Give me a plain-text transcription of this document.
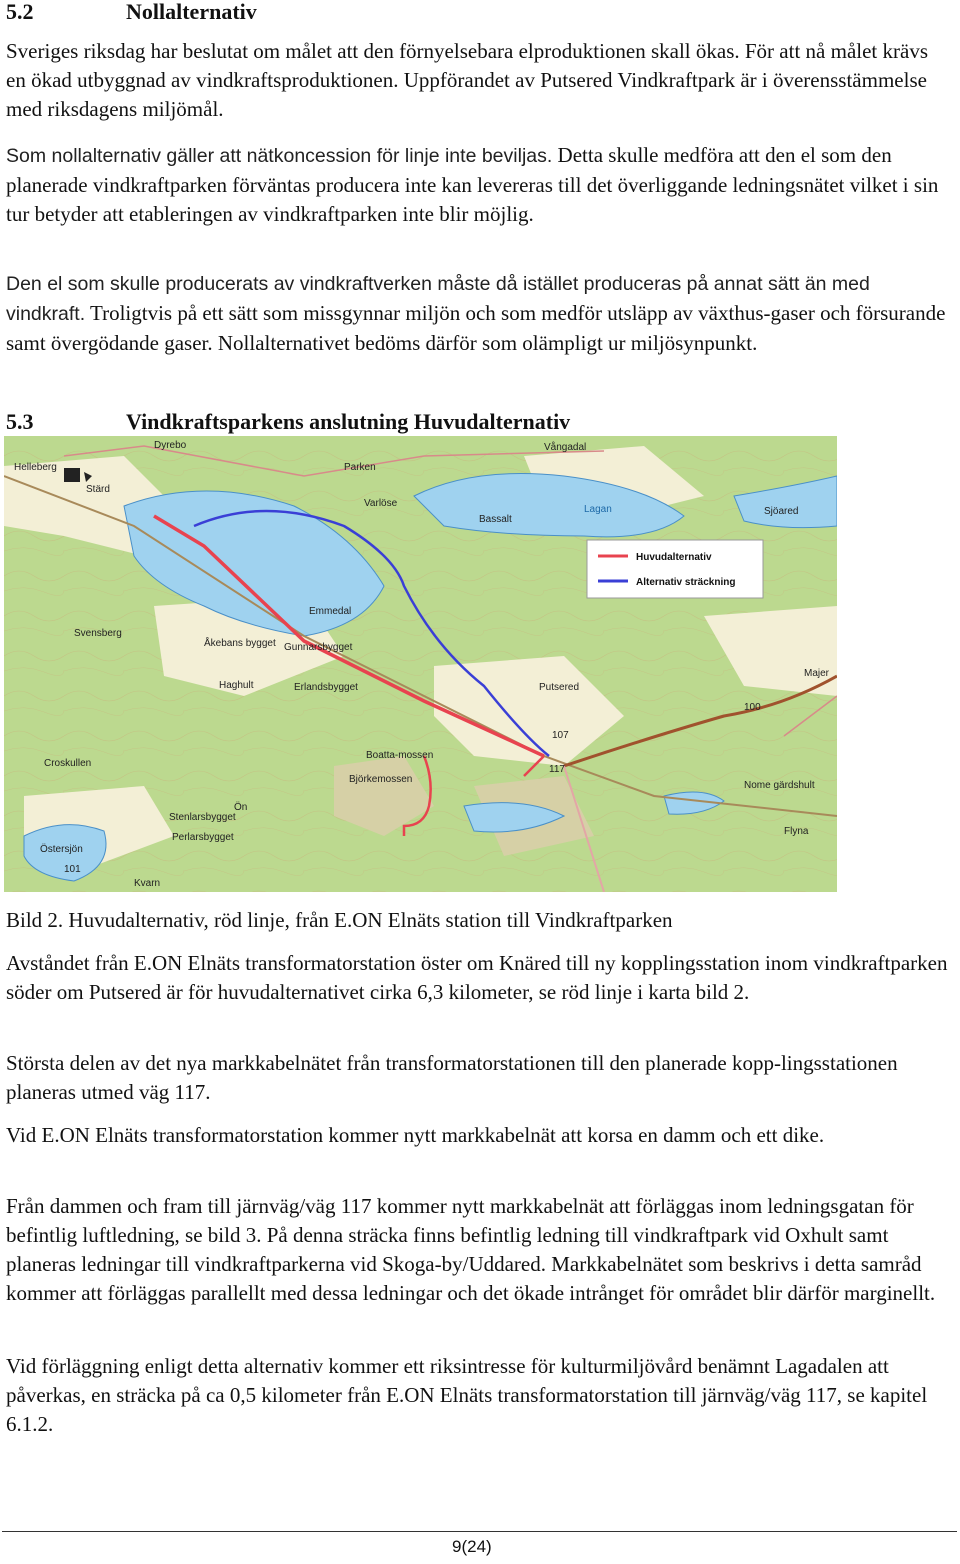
5.2	Nollalternativ

Sveriges riksdag har beslutat om målet att den förnyelsebara elproduktionen skall ökas. För att nå målet krävs en ökad utbyggnad av vindkraftsproduktionen. Uppförandet av Putsered Vindkraftpark är i överensstämmelse med riksdagens miljömål.

Som nollalternativ gäller att nätkoncession för linje inte beviljas. Detta skulle medföra att den el som den planerade vindkraftparken förväntas producera inte kan levereras till det överliggande ledningsnätet vilket i sin tur betyder att etableringen av vindkraftparken inte blir möjlig.

Den el som skulle producerats av vindkraftverken måste då istället produceras på annat sätt än med vindkraft. Troligtvis på ett sätt som missgynnar miljön och som medför utsläpp av växthus-gaser och försurande samt övergödande gaser. Nollalternativet bedöms därför som olämpligt ur miljösynpunkt.

5.3	Vindkraftsparkens anslutning Huvudalternativ
Huvudalternativ
Alternativ sträckning
Dyrebo
Helleberg
Stärd
Vångadal
Parken
Varlöse
Bassalt
Lagan	Sjöared
Svensberg
Emmedal
Åkebans bygget Gunnarsbygget
Haghult	Erlandsbygget	Putsered
Majer
Croskullen
Boatta-mossen
Björkemossen
Ön
Stenlarsbygget
Perlarsbygget
Östersjön
Flyna
Nome gärdshult
Kvarn
107
117
100
101
Bild 2. Huvudalternativ, röd linje, från E.ON Elnäts station till Vindkraftparken

Avståndet från E.ON Elnäts transformatorstation öster om Knäred till ny kopplingsstation inom vindkraftparken söder om Putsered är för huvudalternativet cirka 6,3 kilometer, se röd linje i karta bild 2.

Största delen av det nya markkabelnätet från transformatorstationen till den planerade kopp-lingsstationen planeras utmed väg 117.

Vid E.ON Elnäts transformatorstation kommer nytt markkabelnät att korsa en damm och ett dike.

Från dammen och fram till järnväg/väg 117 kommer nytt markkabelnät att förläggas inom ledningsgatan för befintlig luftledning, se bild 3. På denna sträcka finns befintlig ledning till vindkraftpark vid Oxhult samt planeras ledningar till vindkraftparkerna vid Skoga-by/Uddared. Markkabelnätet som beskrivs i detta samråd kommer att förläggas parallellt med dessa ledningar och det ökade intrånget för området blir därför marginellt.

Vid förläggning enligt detta alternativ kommer ett riksintresse för kulturmiljövård benämnt Lagadalen att påverkas, en sträcka på ca 0,5 kilometer från E.ON Elnäts transformatorstation till järnväg/väg 117, se kapitel 6.1.2.

9(24)
